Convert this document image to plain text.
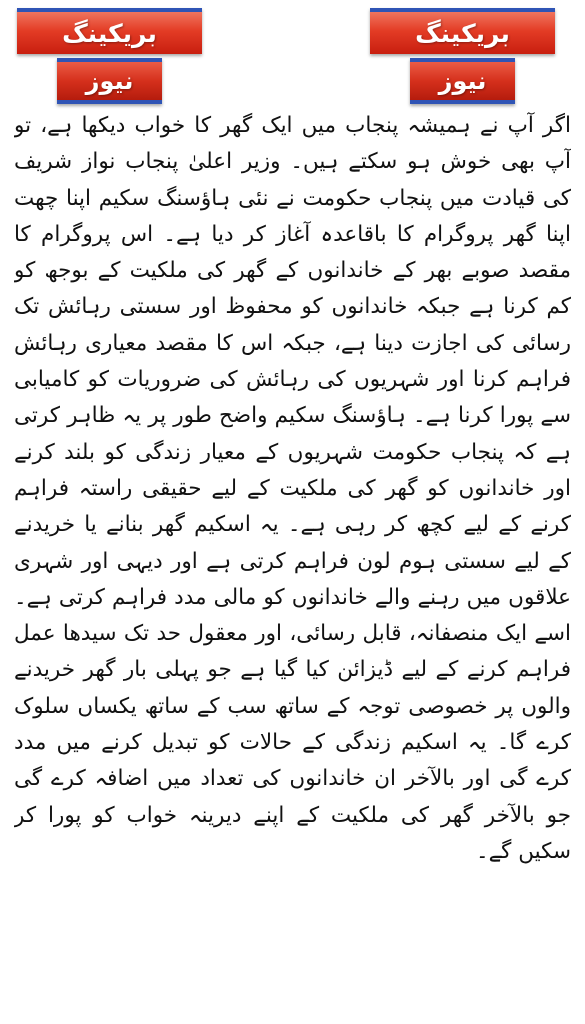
بریکینگ
نیوز
بریکینگ
نیوز

اگر آپ نے ہمیشہ پنجاب میں ایک گھر کا خواب دیکھا ہے، تو آپ بھی خوش ہو سکتے ہیں۔ وزیر اعلیٰ پنجاب نواز شریف کی قیادت میں پنجاب حکومت نے نئی ہاؤسنگ سکیم اپنا چھت اپنا گھر پروگرام کا باقاعدہ آغاز کر دیا ہے۔ اس پروگرام کا مقصد صوبے بھر کے خاندانوں کے گھر کی ملکیت کے بوجھ کو کم کرنا ہے جبکہ خاندانوں کو محفوظ اور سستی رہائش تک رسائی کی اجازت دینا ہے، جبکہ اس کا مقصد معیاری رہائش فراہم کرنا اور شہریوں کی رہائش کی ضروریات کو کامیابی سے پورا کرنا ہے۔ ہاؤسنگ سکیم واضح طور پر یہ ظاہر کرتی ہے کہ پنجاب حکومت شہریوں کے معیار زندگی کو بلند کرنے اور خاندانوں کو گھر کی ملکیت کے لیے حقیقی راستہ فراہم کرنے کے لیے کچھ کر رہی ہے۔ یہ اسکیم گھر بنانے یا خریدنے کے لیے سستی ہوم لون فراہم کرتی ہے اور دیہی اور شہری علاقوں میں رہنے والے خاندانوں کو مالی مدد فراہم کرتی ہے۔ اسے ایک منصفانہ، قابل رسائی، اور معقول حد تک سیدھا عمل فراہم کرنے کے لیے ڈیزائن کیا گیا ہے جو پہلی بار گھر خریدنے والوں پر خصوصی توجہ کے ساتھ سب کے ساتھ یکساں سلوک کرے گا۔ یہ اسکیم زندگی کے حالات کو تبدیل کرنے میں مدد کرے گی اور بالآخر ان خاندانوں کی تعداد میں اضافہ کرے گی جو بالآخر گھر کی ملکیت کے اپنے دیرینہ خواب کو پورا کر سکیں گے۔
